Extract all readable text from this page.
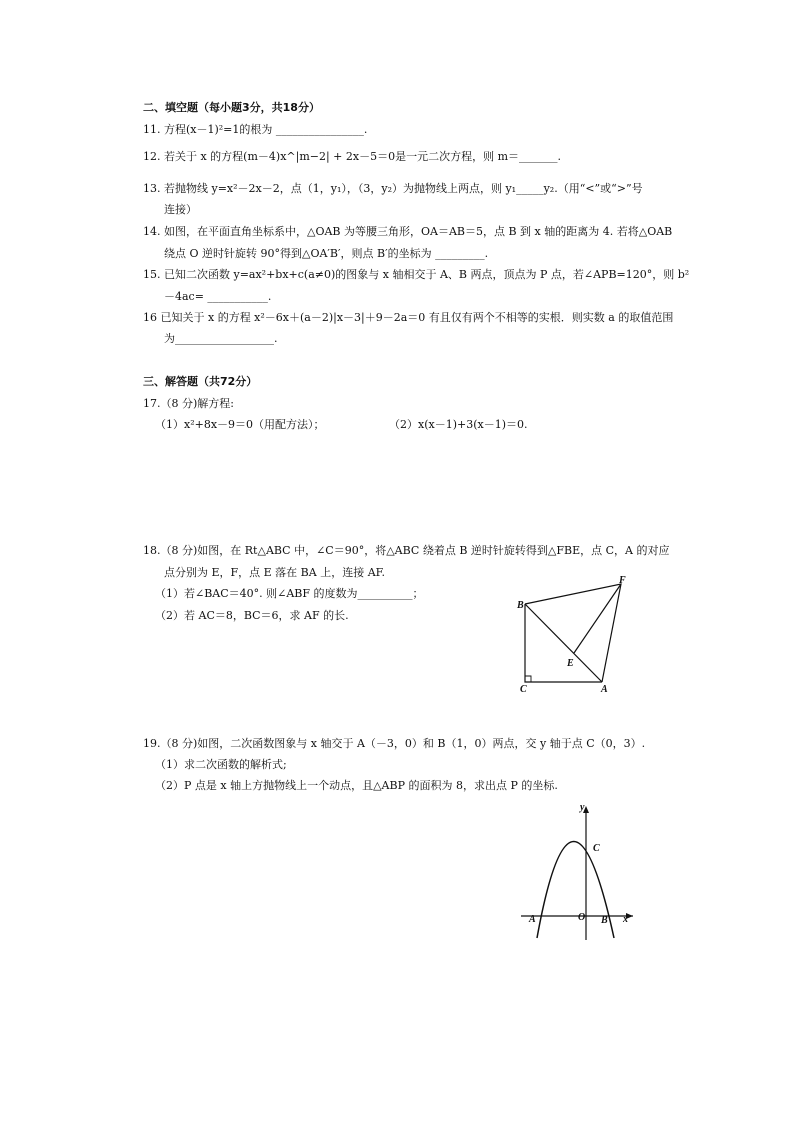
二、填空题（每小题3分，共18分）
11. 方程(x－1)²=1的根为 ________________.
12. 若关于 x 的方程(m－4)x^|m−2| + 2x－5＝0是一元二次方程，则 m＝_______.
13. 若抛物线 y=x²－2x－2，点（1，y₁），（3，y₂）为抛物线上两点，则 y₁_____y₂.（用“<”或“>”号
连接）
14. 如图，在平面直角坐标系中，△OAB 为等腰三角形，OA＝AB＝5，点 B 到 x 轴的距离为 4. 若将△OAB
绕点 O 逆时针旋转 90°得到△OA′B′，则点 B′的坐标为 _________.
15. 已知二次函数 y=ax²+bx+c(a≠0)的图象与 x 轴相交于 A、B 两点，顶点为 P 点，若∠APB=120°，则 b²
－4ac= ___________.
16 已知关于 x 的方程 x²－6x＋(a－2)|x－3|＋9－2a＝0 有且仅有两个不相等的实根．则实数 a 的取值范围
为__________________.
三、解答题（共72分）
17.（8 分)解方程:
（1）x²+8x－9＝0（用配方法）；	（2）x(x－1)+3(x－1)＝0.
18.（8 分)如图，在 Rt△ABC 中，∠C＝90°，将△ABC 绕着点 B 逆时针旋转得到△FBE，点 C，A 的对应
点分别为 E，F，点 E 落在 BA 上，连接 AF.
（1）若∠BAC＝40°. 则∠ABF 的度数为__________；
（2）若 AC＝8，BC＝6，求 AF 的长.
B
C	A
F
E
19.（8 分)如图，二次函数图象与 x 轴交于 A（－3，0）和 B（1，0）两点，交 y 轴于点 C（0，3）.
（1）求二次函数的解析式;
（2）P 点是 x 轴上方抛物线上一个动点，且△ABP 的面积为 8，求出点 P 的坐标.
y
x
C
A	O B
